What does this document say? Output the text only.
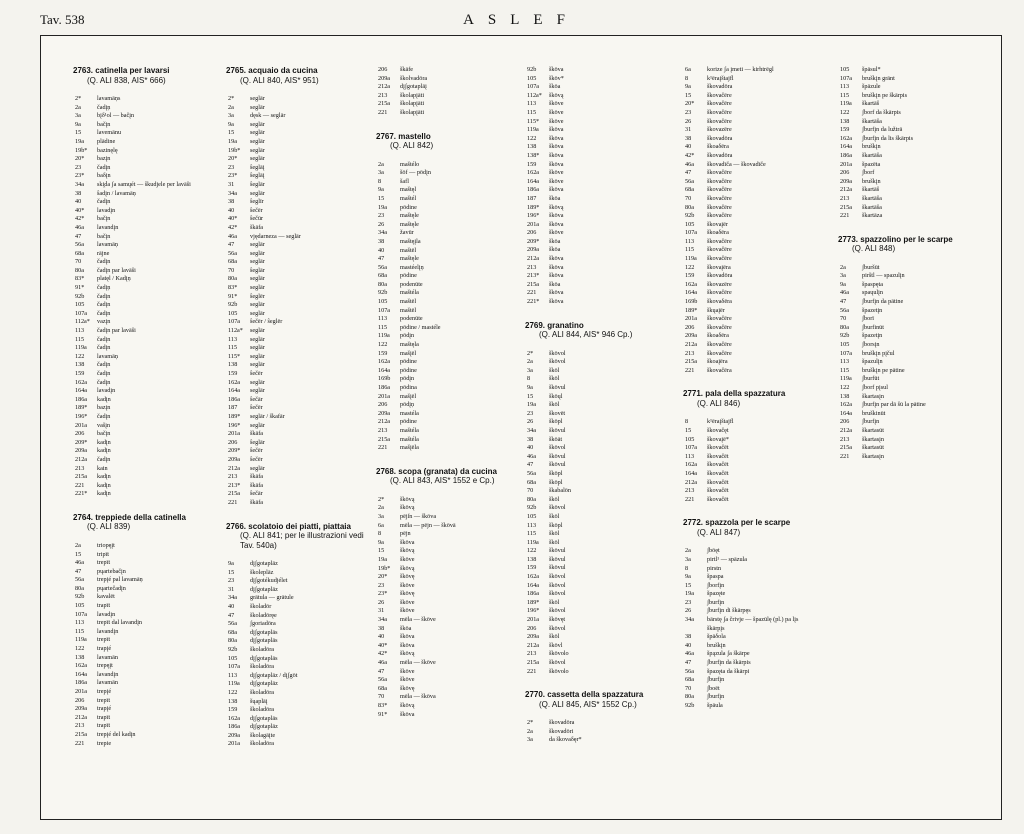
Tav. 538	ASLEF
2763. catinella per lavarsi
(Q. ALI 838, AIS* 666)
2*	lavamāņs
2a	čadįņ
3a	bįδ¹ol — bačįn
9a	bačįn
15	lavemānu
19a plādine
19b* bazinęlę
20* bazįn
23	čadįn
23* baδįn
34a ski̯d́a ʃa samųét — ŝkudjele per lavāši
38	ŝadįn / lavamāņ
40	čadįn
40* lavadįn
42* bačįn
46a lavandįn
47	bačįn
56a lavamāņ
68a rājne
70	čadįn
80a čadįn par lavāši
83* platęl / Kadįņ
91* čadįņ
92b čadįn
105 čadįn
107a čadįn
112a* vazįn
113 čadįn par lavāši
115 čadįn
119a čadįn
122 lavamāņ
138 čadįn
159 čadįn
162a čadįn
164a lavadįn
186a kadįn
189* bazįn
196* čadįn
201a vašįn
206 bačįn
209* kadįn
209a kadįn
212a čadįn
213 kain
215a kadįn
221 kadįn
221* kadįn
2764. treppiede della catinella
(Q. ALI 839)
2a	triopęįt
15	tripīt
46a trepīt
47	pųartebačįn
56a trepįé pal lavamāņ
80a pųartečadįn
92b kavalēt
105 trapīt
107a lavadįn
113 trepīt dal lavandįn
115 lavandįn
119a trepīt
122 trapįé
138 lavamān
162a trepęįt
164a lavandįn
186a lavamān
201a trepįé
206 trepīt
209a trapįé
212a trapīt
213 trapīt
215a trepįé del kadįn
221 trepie
2765. acquaio da cucina
(Q. ALI 840, AIS* 951)
2*	seglār
2a	seglār
3a	dęsk — seglār
9a	seglār
15	seglār
19a seglār
19b* seglār
20* seglār
23	ŝeglāį
23* ŝeglāį
31	ŝeglār
34a seglār
38	ŝeglīr
40	ŝečēr
40* ŝečūr
42* škāfa
46a vjędarneza — seglār
47	seglār
56a seglār
68a seglār
70	ŝeglār
80a seglār
83* seglār
91* ŝeglēr
92b seglār
105 seglār
107a ŝečēr / ŝeglēr
112a* seglār
113 seglār
115 seglār
115* seglār
138 seglār
159 ŝečēr
162a seglār
164a seglār
186a ŝečār
187 ŝečēr
189* seglār / škafār
196* seglār
201a škāfa
206 ŝeglār
209* ŝečēr
209a ŝečēr
212a seglār
213 škāfa
213* škāfa
215a ŝečār
221 škāfa
2766. scolatoio dei piatti, piattaia
(Q. ALI 841; per le illustrazioni vedi Tav. 540a)
9a	dįʃgotaplāz
15	školeplāz
23	dįʃgotékudjélet
31	dįʃgotaplāz
34a grātula — grātule
40	školadōr
47	školadōręe
56a ʃgoriadōra
68a dįʃgotaplās
80a dįʃgotaplās
92b školadōra
105 dįʃgotaplās
107a školadōra
113 dįʃgotaplāz / dįʃgōt
119a dįʃgotaplāz
122 školadōra
138 šųaplāį
159 školadōra
162a dįʃgotaplās
186a dįʃgotaplāz
209a školagāįte
201a školadōra
206 škāfe
209a školvadōra
212a dįʃgotaplāį
213 školapįāti
215a školapįāti
221 školapįāti
2767. mastello
(Q. ALI 842)
2a	maštélo
3a	šōf — pōdįn
8	šafl
9a	maštęl
15	maštél
19a pōdine
23	maštęle
26	maštęle
34a žavūr
38	maštęįla
40	maštēl
47	maštęle
56a mastéelįņ
68a pōdine
80a podenūte
92b maštéla
105 maštēl
107a maštēl
113 podenūte
115 pōdine / mastéle
119a pōdįn
122 maštęla
159 mašįēl
162a pōdine
164a pōdine
169b pōdįn
186a pōdina
201a mašįēl
206 pōdįņ
209a mastéla
212a pōdine
213 maštéla
215a maštéla
221 mašįēla
2768. scopa (granata) da cucina
(Q. ALI 843, AIS* 1552 e Cp.)
2*	škōvą
2a	škōvą
3a	pējſn — škōva
6a	mēla — pējn — škōvā
8	pējn
9a	škōva
15	škōvą
19a škōve
19b* škōvą
20* škōvę
23	škōve
23* škōvę
26	škōve
31	škōve
34a mēla — škōve
38	škōa
40	škōva
40* škōva
42* škōvą
46a mēla — škōve
47	škōve
56a škōve
68a škōvę
70	mēla — škōva
83* škōvą
91* škōva
92b škōva
105 škōv*
107a škōa
112a* škōvą
113 škōve
115 škōve
115* škōve
119a škōva
122 škōva
138 škōva
138* škōva
159 škōva
162a škōve
164a škōve
186a škōva
187 škōa
189* škōvą
196* škōva
201a škōva
206 škōve
209* škōa
209a škōa
212a škōva
213 škōva
213* škōva
215a škōa
221 škōva
221* škōva
2769. granatino
(Q. ALI 844, AIS* 946 Cp.)
2*	škōvol
2a	škōvol
3a	škōl
8	škōl
9a	škōvul
15	škōųl
19a škōl
23	škovēt
26	škōpl
34a škōvul
38	škōāt
40	škōvol
46a škōvul
47	škōvul
56a škōpl
68a škōpl
70	škabalōn
80a škōl
92b škōvol
105 škōl
113 škōpl
115 škōl
119a škōl
122 škōvul
138 škōvul
159 škōvul
162a škōvol
164a škōvol
186a škōvol
189* škōl
196* škōvol
201a škōvęt
206 škōvol
209a škōl
212a škōvl
213 škōvolo
215a škōvol
221 škōvolo
2770. cassetta della spazzatura
(Q. ALI 845, AIS* 1552 Cp.)
2*	škovadōra
2a	škovadōri
3a	da škovaδęr*
6a	korize ʃa įmeti — kirhtrēgl
8	k¹ēraįštajfl
9a	škovadōra
15	škovačēre
20* škovačēre
23	škovačēre
26	škovačēre
31	škovazēre
38	škovadōra
40	škoaδēra
42* škovadōra
46a škovadīča — škovadīče
47	škovačēre
56a škovačēre
68a škovačēre
70	škovačēre
80a škovačēre
92b škovačēre
105 škovaįēr
107a škoaδēra
113 škovačēre
115 škovačēre
119a škovačēre
122 škovaįēra
159 škovadōra
162a škovazēre
164a škovačēre
169b škovaδēra
189* škųaįēr
201a škovačēre
206 škovačēre
209a škoaδēra
212a škovačēre
213 škovačēre
215a škoaįēra
221 škovačēra
2771. pala della spazzatura
(Q. ALI 846)
8	k¹ēraįštajfl
15	škovačęt
105 škovaįē*
107a škovačēt
113 škovačēt
162a škovačēt
164a škovačēt
212a škovačēt
213 škovačēt
221 škovačēt
2772. spazzola per le scarpe
(Q. ALI 847)
2a	ʃbōęt
3a	pirtl¹ — spāzula
8	pirstn
9a	špaspa
15	ʃborfįn
19a špazęte
23	ʃburfįn
26	ʃburfįn di škārpęs
34a bārstę ʃa črivje — špazūlę (pl.) pa lįs
škārpįs
38	špāδola
40	bruškįn
46a špązula ʃa škārpe
47	ʃburfįn da škārpis
56a špazęta da škārpi
68a ʃburfįn
70	ʃboēt
80a ʃburfįn
92b špāula
105 špāsul*
107a bruškįn grānt
113 špāzule
115 bruškįn pe škārpis
119a škartāš
122 ʃborf da škārpis
138 škartāša
159 ʃburfįn da lužtrā
162a ʃburfįn da lis škārpis
164a bruškįn
186a škartāša
201a špazēta
206 ʃborf
209a bruškįn
212a škartāš
213 škartāša
215a škartāša
221 škartāza
2773. spazzolino per le scarpe
(Q. ALI 848)
2a	ʃburšūt
3a	pirštl — spazulįn
9a	špaspęta
46a spaųulįn
47	ʃburfįn da pātine
56a špazetįn
70	ʃborī
80a ʃburfinūt
92b špazetįn
105 ʃborsįn
107a bruškįn pįčul
113 špazulįn
115 bruškįn pe pātine
119a ʃburfūt
122 ʃborf pįsul
138 škartasįn
162a ʃburfįn par dā šū la pātine
164a bruškinūt
206 ʃburfįn
212a škartasūt
213 škartasįn
215a škartasūt
221 škartasįn
